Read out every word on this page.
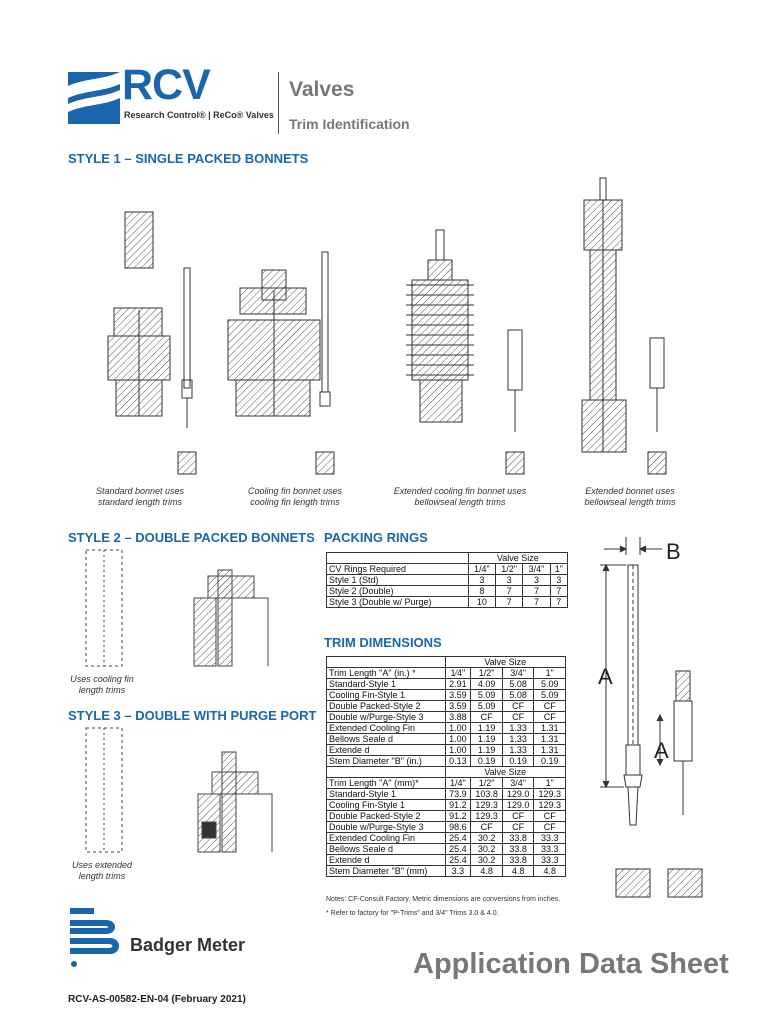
RCV
Research Control® | ReCo® Valves
Valves
Trim Identification
STYLE 1 – SINGLE PACKED BONNETS
Standard bonnet uses
standard length trims
Cooling fin bonnet uses
cooling fin length trims
Extended cooling fin bonnet uses
bellowseal length trims
Extended bonnet uses
bellowseal length trims
STYLE 2 – DOUBLE PACKED BONNETS
Uses cooling fin
length trims
STYLE 3 – DOUBLE WITH PURGE PORT
Uses extended
length trims
PACKING RINGS
	Valve Size			
CV Rings Required	1/4"	1/2"	3/4"	1"
Style 1 (Std)	3	3	3	3
Style 2 (Double)	8	7	7	7
Style 3 (Double w/ Purge)	10	7	7	7
TRIM DIMENSIONS
	Valve Size			
Trim Length "A" (in.) *	1⁄4"	1/2"	3/4"	1"
Standard-Style 1	2.91	4.09	5.08	5.09
Cooling Fin-Style 1	3.59	5.09	5.08	5.09
Double Packed-Style 2	3.59	5.09	CF	CF
Double w/Purge-Style 3	3.88	CF	CF	CF
Extended Cooling Fin	1.00	1.19	1.33	1.31
Bellows Seale d	1.00	1.19	1.33	1.31
Extende d	1.00	1.19	1.33	1.31
Stem Diameter "B" (in.)	0.13	0.19	0.19	0.19
	Valve Size			
Trim Length "A" (mm)*	1/4"	1/2"	3/4"	1"
Standard-Style 1	73.9	103.8	129.0	129.3
Cooling Fin-Style 1	91.2	129.3	129.0	129.3
Double Packed-Style 2	91.2	129.3	CF	CF
Double w/Purge-Style 3	98.6	CF	CF	CF
Extended Cooling Fin	25.4	30.2	33.8	33.3
Bellows Seale d	25.4	30.2	33.8	33.3
Extende d	25.4	30.2	33.8	33.3
Stem Diameter "B" (mm)	3.3	4.8	4.8	4.8
Notes: CF-Consult Factory. Metric dimensions are conversions from inches.
* Refer to factory for "P-Trims" and 3/4" Trims 3.0 & 4.0.
B
A
A
Badger Meter
RCV-AS-00582-EN-04 (February 2021)
Application Data Sheet
